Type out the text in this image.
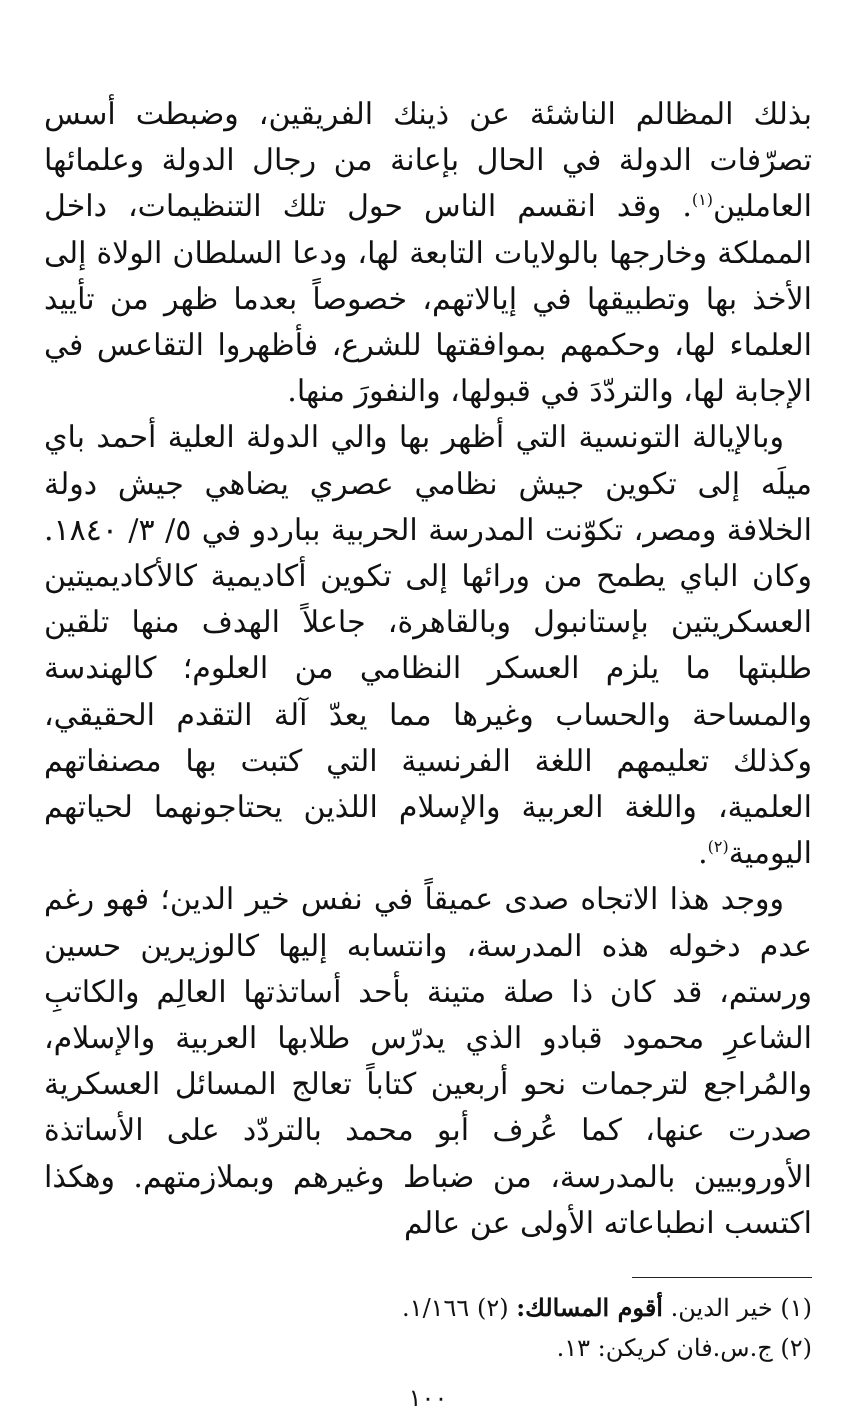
بذلك المظالم الناشئة عن ذينك الفريقين، وضبطت أسس تصرّفات الدولة في الحال بإعانة من رجال الدولة وعلمائها العاملين$^{(١)}$. وقد انقسم الناس حول تلك التنظيمات، داخل المملكة وخارجها بالولايات التابعة لها، ودعا السلطان الولاة إلى الأخذ بها وتطبيقها في إيالاتهم، خصوصاً بعدما ظهر من تأييد العلماء لها، وحكمهم بموافقتها للشرع، فأظهروا التقاعس في الإجابة لها، والتردّدَ في قبولها، والنفورَ منها.

وبالإيالة التونسية التي أظهر بها والي الدولة العلية أحمد باي ميلَه إلى تكوين جيش نظامي عصري يضاهي جيش دولة الخلافة ومصر، تكوّنت المدرسة الحربية بباردو في ٥/ ٣/ ١٨٤٠. وكان الباي يطمح من ورائها إلى تكوين أكاديمية كالأكاديميتين العسكريتين بإستانبول وبالقاهرة، جاعلاً الهدف منها تلقين طلبتها ما يلزم العسكر النظامي من العلوم؛ كالهندسة والمساحة والحساب وغيرها مما يعدّ آلة التقدم الحقيقي، وكذلك تعليمهم اللغة الفرنسية التي كتبت بها مصنفاتهم العلمية، واللغة العربية والإسلام اللذين يحتاجونهما لحياتهم اليومية$^{(٢)}$.

ووجد هذا الاتجاه صدى عميقاً في نفس خير الدين؛ فهو رغم عدم دخوله هذه المدرسة، وانتسابه إليها كالوزيرين حسين ورستم، قد كان ذا صلة متينة بأحد أساتذتها العالِم والكاتبِ الشاعرِ محمود قبادو الذي يدرّس طلابها العربية والإسلام، والمُراجع لترجمات نحو أربعين كتاباً تعالج المسائل العسكرية صدرت عنها، كما عُرف أبو محمد بالتردّد على الأساتذة الأوروبيين بالمدرسة، من ضباط وغيرهم وبملازمتهم. وهكذا اكتسب انطباعاته الأولى عن عالم

(١) خير الدين. أقوم المسالك: (٢) ١/١٦٦.

(٢) ج.س.فان كريكن: ١٣.

١٠٠
